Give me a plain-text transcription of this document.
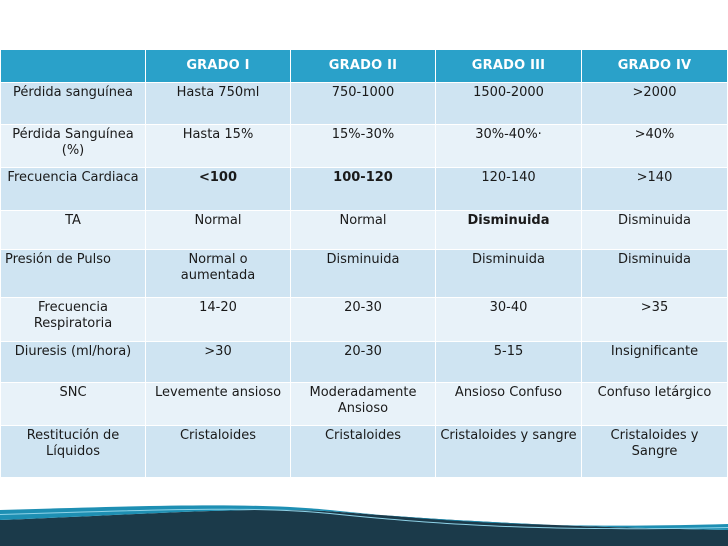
	GRADO I	GRADO II	GRADO III	GRADO IV
Pérdida sanguínea	Hasta 750ml	750-1000	1500-2000	>2000
Pérdida Sanguínea (%)	Hasta 15%	15%-30%	30%-40%·	>40%
Frecuencia Cardiaca	<100	100-120	120-140	>140
TA	Normal	Normal	Disminuida	Disminuida
Presión de Pulso	Normal o aumentada	Disminuida	Disminuida	Disminuida
Frecuencia Respiratoria	14-20	20-30	30-40	>35
Diuresis (ml/hora)	>30	20-30	5-15	Insignificante
SNC	Levemente ansioso	Moderadamente Ansioso	Ansioso Confuso	Confuso letárgico
Restitución de Líquidos	Cristaloides	Cristaloides	Cristaloides y sangre	Cristaloides y Sangre
